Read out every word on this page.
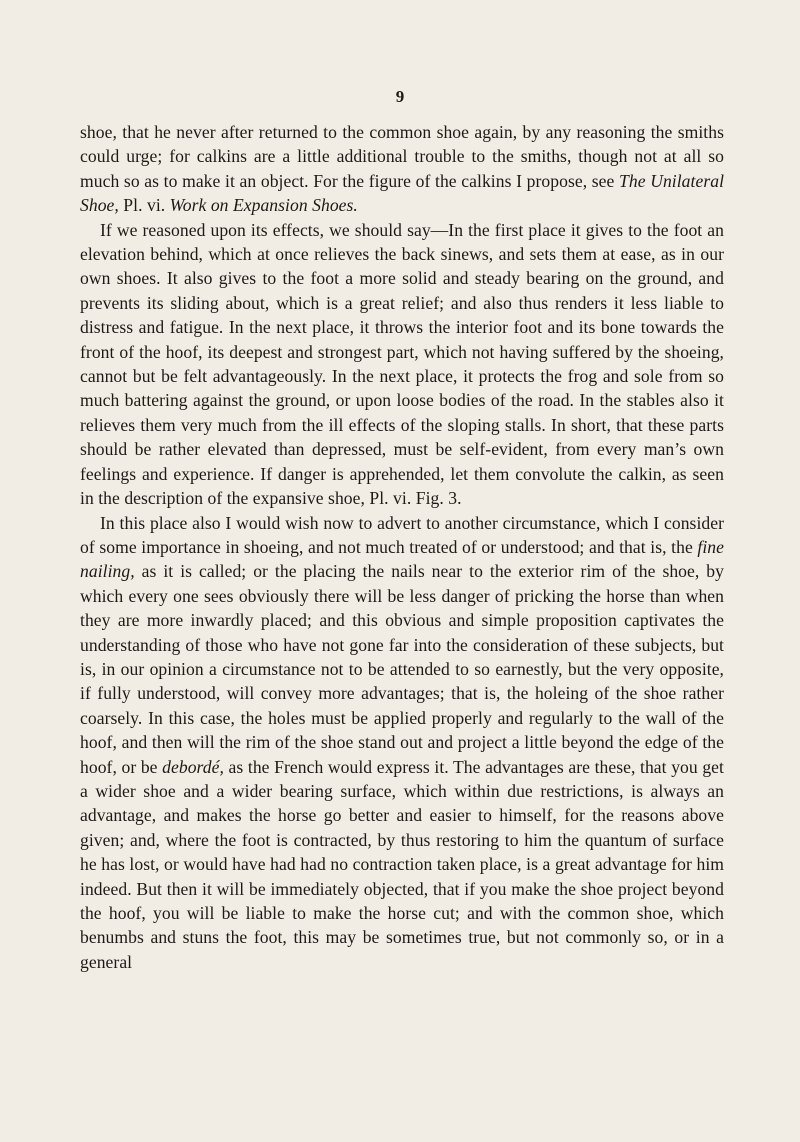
9

shoe, that he never after returned to the common shoe again, by any reasoning the smiths could urge; for calkins are a little additional trouble to the smiths, though not at all so much so as to make it an object. For the figure of the calkins I propose, see The Unilateral Shoe, Pl. vi. Work on Expansion Shoes.

If we reasoned upon its effects, we should say—In the first place it gives to the foot an elevation behind, which at once relieves the back sinews, and sets them at ease, as in our own shoes. It also gives to the foot a more solid and steady bearing on the ground, and prevents its sliding about, which is a great relief; and also thus renders it less liable to distress and fatigue. In the next place, it throws the interior foot and its bone towards the front of the hoof, its deepest and strongest part, which not having suffered by the shoeing, cannot but be felt advantageously. In the next place, it protects the frog and sole from so much battering against the ground, or upon loose bodies of the road. In the stables also it relieves them very much from the ill effects of the sloping stalls. In short, that these parts should be rather elevated than depressed, must be self-evident, from every man’s own feelings and experience. If danger is apprehended, let them convolute the calkin, as seen in the description of the expansive shoe, Pl. vi. Fig. 3.

In this place also I would wish now to advert to another circumstance, which I consider of some importance in shoeing, and not much treated of or understood; and that is, the fine nailing, as it is called; or the placing the nails near to the exterior rim of the shoe, by which every one sees obviously there will be less danger of pricking the horse than when they are more inwardly placed; and this obvious and simple proposition captivates the understanding of those who have not gone far into the consideration of these subjects, but is, in our opinion a circumstance not to be attended to so earnestly, but the very opposite, if fully understood, will convey more advantages; that is, the holeing of the shoe rather coarsely. In this case, the holes must be applied properly and regularly to the wall of the hoof, and then will the rim of the shoe stand out and project a little beyond the edge of the hoof, or be debordé, as the French would express it. The advantages are these, that you get a wider shoe and a wider bearing surface, which within due restrictions, is always an advantage, and makes the horse go better and easier to himself, for the reasons above given; and, where the foot is contracted, by thus restoring to him the quantum of surface he has lost, or would have had had no contraction taken place, is a great advantage for him indeed. But then it will be immediately objected, that if you make the shoe project beyond the hoof, you will be liable to make the horse cut; and with the common shoe, which benumbs and stuns the foot, this may be sometimes true, but not commonly so, or in a general
